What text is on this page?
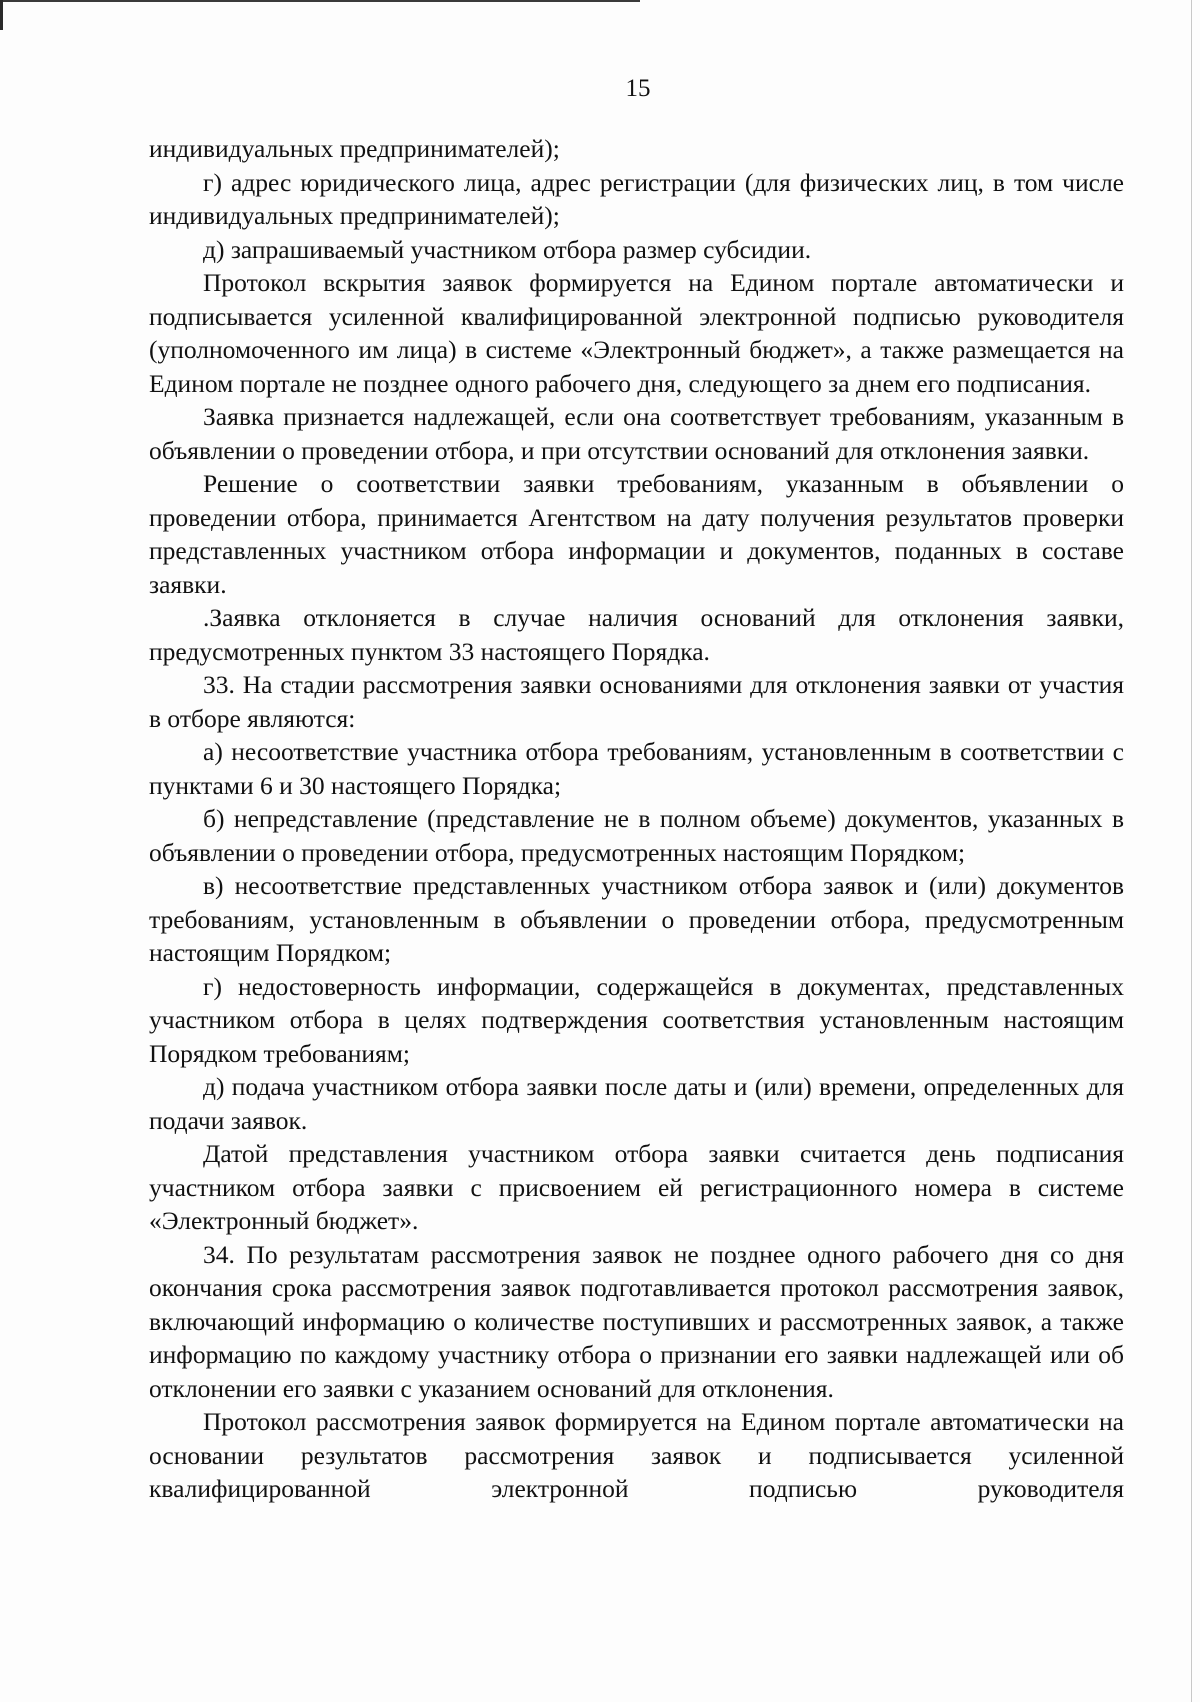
15

индивидуальных предпринимателей);

г) адрес юридического лица, адрес регистрации (для физических лиц, в том числе индивидуальных предпринимателей);

д) запрашиваемый участником отбора размер субсидии.

Протокол вскрытия заявок формируется на Едином портале автоматически и подписывается усиленной квалифицированной электронной подписью руководителя (уполномоченного им лица) в системе «Электронный бюджет», а также размещается на Едином портале не позднее одного рабочего дня, следующего за днем его подписания.

Заявка признается надлежащей, если она соответствует требованиям, указанным в объявлении о проведении отбора, и при отсутствии оснований для отклонения заявки.

Решение о соответствии заявки требованиям, указанным в объявлении о проведении отбора, принимается Агентством на дату получения результатов проверки представленных участником отбора информации и документов, поданных в составе заявки.

.Заявка отклоняется в случае наличия оснований для отклонения заявки, предусмотренных пунктом 33 настоящего Порядка.

33. На стадии рассмотрения заявки основаниями для отклонения заявки от участия в отборе являются:

а) несоответствие участника отбора требованиям, установленным в соответствии с пунктами 6 и 30 настоящего Порядка;

б) непредставление (представление не в полном объеме) документов, указанных в объявлении о проведении отбора, предусмотренных настоящим Порядком;

в) несоответствие представленных участником отбора заявок и (или) документов требованиям, установленным в объявлении о проведении отбора, предусмотренным настоящим Порядком;

г) недостоверность информации, содержащейся в документах, представленных участником отбора в целях подтверждения соответствия установленным настоящим Порядком требованиям;

д) подача участником отбора заявки после даты и (или) времени, определенных для подачи заявок.

Датой представления участником отбора заявки считается день подписания участником отбора заявки с присвоением ей регистрационного номера в системе «Электронный бюджет».

34. По результатам рассмотрения заявок не позднее одного рабочего дня со дня окончания срока рассмотрения заявок подготавливается протокол рассмотрения заявок, включающий информацию о количестве поступивших и рассмотренных заявок, а также информацию по каждому участнику отбора о признании его заявки надлежащей или об отклонении его заявки с указанием оснований для отклонения.

Протокол рассмотрения заявок формируется на Едином портале автоматически на основании результатов рассмотрения заявок и подписывается усиленной квалифицированной электронной подписью руководителя
